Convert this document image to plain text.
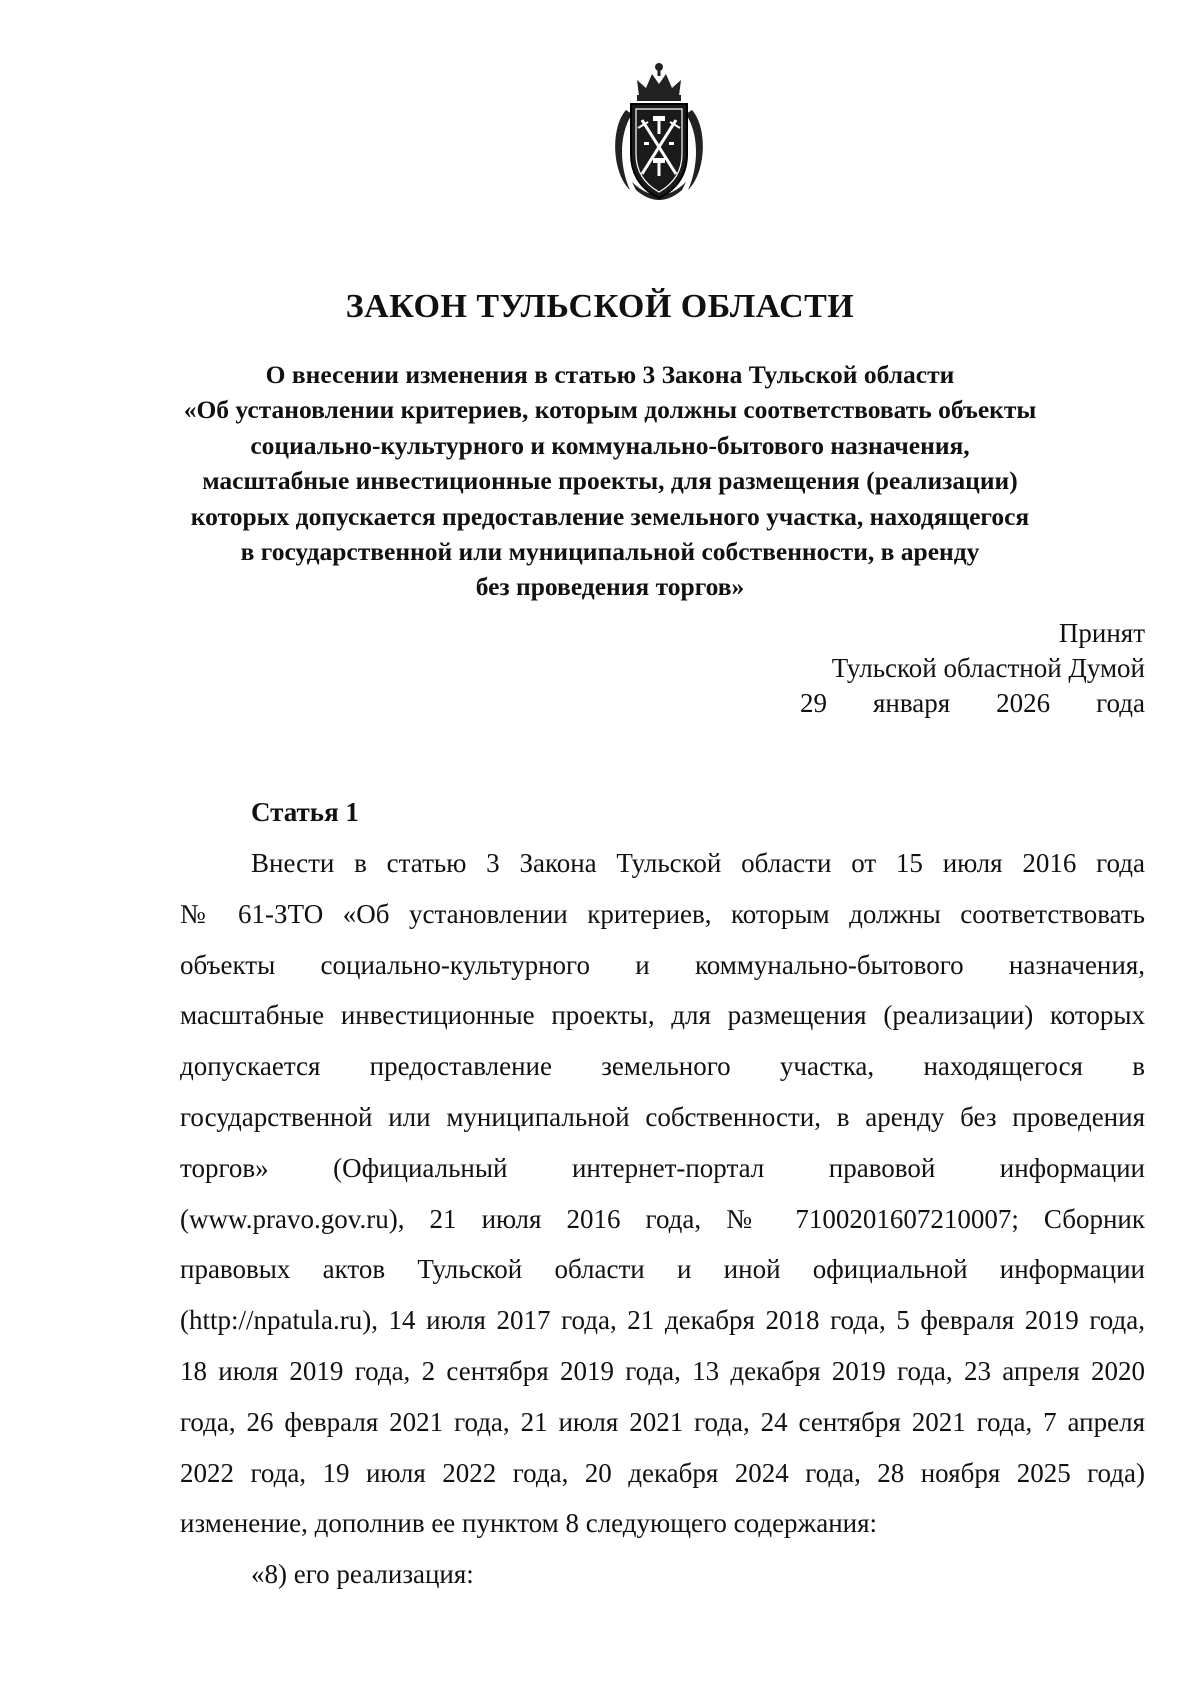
ЗАКОН ТУЛЬСКОЙ ОБЛАСТИ
О внесении изменения в статью 3 Закона Тульской области
«Об установлении критериев, которым должны соответствовать объекты
социально-культурного и коммунально-бытового назначения,
масштабные инвестиционные проекты, для размещения (реализации)
которых допускается предоставление земельного участка, находящегося
в государственной или муниципальной собственности, в аренду
без проведения торгов»
Принят
Тульской областной Думой
29 января 2026 года
Статья 1
Внести в статью 3 Закона Тульской области от 15 июля 2016 года
№ 61-ЗТО «Об установлении критериев, которым должны соответствовать
объекты социально-культурного и коммунально-бытового назначения,
масштабные инвестиционные проекты, для размещения (реализации) которых
допускается предоставление земельного участка, находящегося в
государственной или муниципальной собственности, в аренду без проведения
торгов» (Официальный интернет-портал правовой информации
(www.pravo.gov.ru), 21 июля 2016 года, № 7100201607210007; Сборник
правовых актов Тульской области и иной официальной информации
(http://npatula.ru), 14 июля 2017 года, 21 декабря 2018 года, 5 февраля 2019 года,
18 июля 2019 года, 2 сентября 2019 года, 13 декабря 2019 года, 23 апреля 2020
года, 26 февраля 2021 года, 21 июля 2021 года, 24 сентября 2021 года, 7 апреля
2022 года, 19 июля 2022 года, 20 декабря 2024 года, 28 ноября 2025 года)
изменение, дополнив ее пунктом 8 следующего содержания:
«8) его реализация:
